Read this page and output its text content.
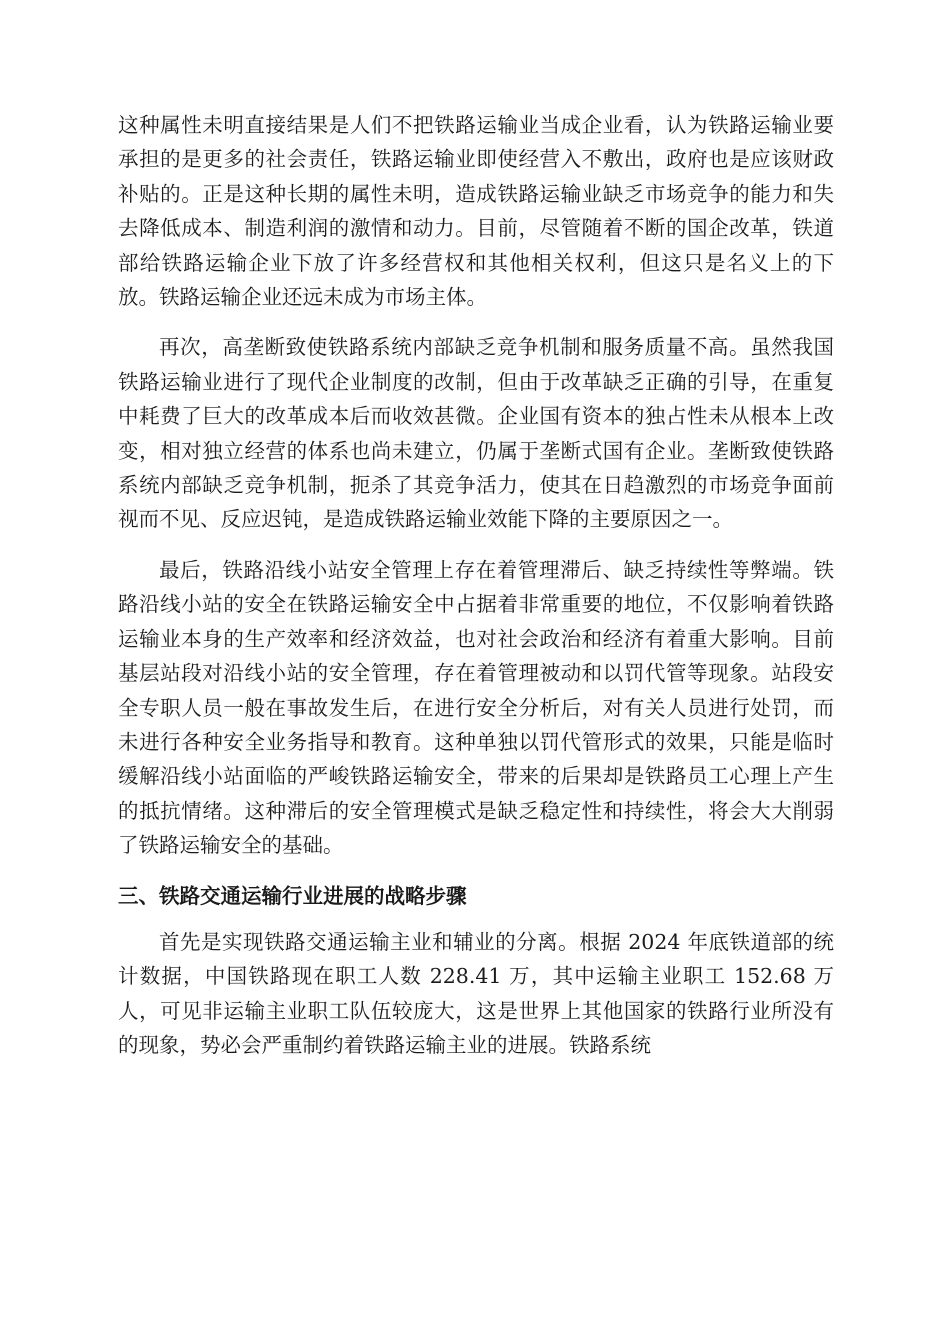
这种属性未明直接结果是人们不把铁路运输业当成企业看，认为铁路运输业要承担的是更多的社会责任，铁路运输业即使经营入不敷出，政府也是应该财政补贴的。正是这种长期的属性未明，造成铁路运输业缺乏市场竞争的能力和失去降低成本、制造利润的激情和动力。目前，尽管随着不断的国企改革，铁道部给铁路运输企业下放了许多经营权和其他相关权利，但这只是名义上的下放。铁路运输企业还远未成为市场主体。

再次，高垄断致使铁路系统内部缺乏竞争机制和服务质量不高。虽然我国铁路运输业进行了现代企业制度的改制，但由于改革缺乏正确的引导，在重复中耗费了巨大的改革成本后而收效甚微。企业国有资本的独占性未从根本上改变，相对独立经营的体系也尚未建立，仍属于垄断式国有企业。垄断致使铁路系统内部缺乏竞争机制，扼杀了其竞争活力，使其在日趋激烈的市场竞争面前视而不见、反应迟钝，是造成铁路运输业效能下降的主要原因之一。

最后，铁路沿线小站安全管理上存在着管理滞后、缺乏持续性等弊端。铁路沿线小站的安全在铁路运输安全中占据着非常重要的地位，不仅影响着铁路运输业本身的生产效率和经济效益，也对社会政治和经济有着重大影响。目前基层站段对沿线小站的安全管理，存在着管理被动和以罚代管等现象。站段安全专职人员一般在事故发生后，在进行安全分析后，对有关人员进行处罚，而未进行各种安全业务指导和教育。这种单独以罚代管形式的效果，只能是临时缓解沿线小站面临的严峻铁路运输安全，带来的后果却是铁路员工心理上产生的抵抗情绪。这种滞后的安全管理模式是缺乏稳定性和持续性，将会大大削弱了铁路运输安全的基础。

三、铁路交通运输行业进展的战略步骤

首先是实现铁路交通运输主业和辅业的分离。根据 2024 年底铁道部的统计数据，中国铁路现在职工人数 228.41 万，其中运输主业职工 152.68 万人，可见非运输主业职工队伍较庞大，这是世界上其他国家的铁路行业所没有的现象，势必会严重制约着铁路运输主业的进展。铁路系统
